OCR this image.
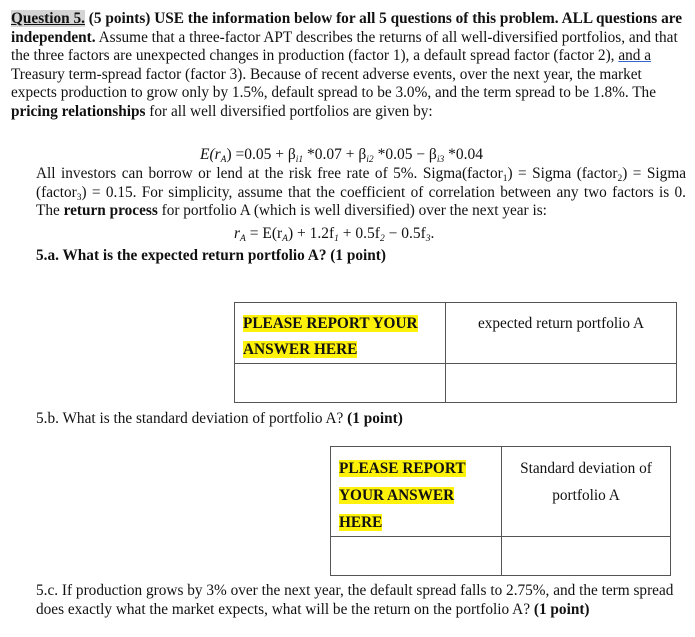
Question 5. (5 points) USE the information below for all 5 questions of this problem. ALL questions are independent. Assume that a three-factor APT describes the returns of all well-diversified portfolios, and that the three factors are unexpected changes in production (factor 1), a default spread factor (factor 2), and a Treasury term-spread factor (factor 3). Because of recent adverse events, over the next year, the market expects production to grow only by 1.5%, default spread to be 3.0%, and the term spread to be 1.8%. The pricing relationships for all well diversified portfolios are given by:
$E(r_A) =0.05 + \beta_{i1}$ $*0.07 + \beta_{i2}$ $*0.05 - \beta_{i3}$ *0.04
All investors can borrow or lend at the risk free rate of 5%. Sigma(factor$_1$) = Sigma (factor$_2$) = Sigma (factor$_3$) = 0.15. For simplicity, assume that the coefficient of correlation between any two factors is 0. The return process for portfolio A (which is well diversified) over the next year is:
$r_A = E(r_A) + 1.2f_1 + 0.5f_2 - 0.5f_3$.
5.a. What is the expected return portfolio A? (1 point)
PLEASE REPORT YOUR
ANSWER HERE	expected return portfolio A

5.b. What is the standard deviation of portfolio A? (1 point)
PLEASE REPORT
YOUR ANSWER
HERE	Standard deviation of
portfolio A

5.c. If production grows by 3% over the next year, the default spread falls to 2.75%, and the term spread does exactly what the market expects, what will be the return on the portfolio A? (1 point)
